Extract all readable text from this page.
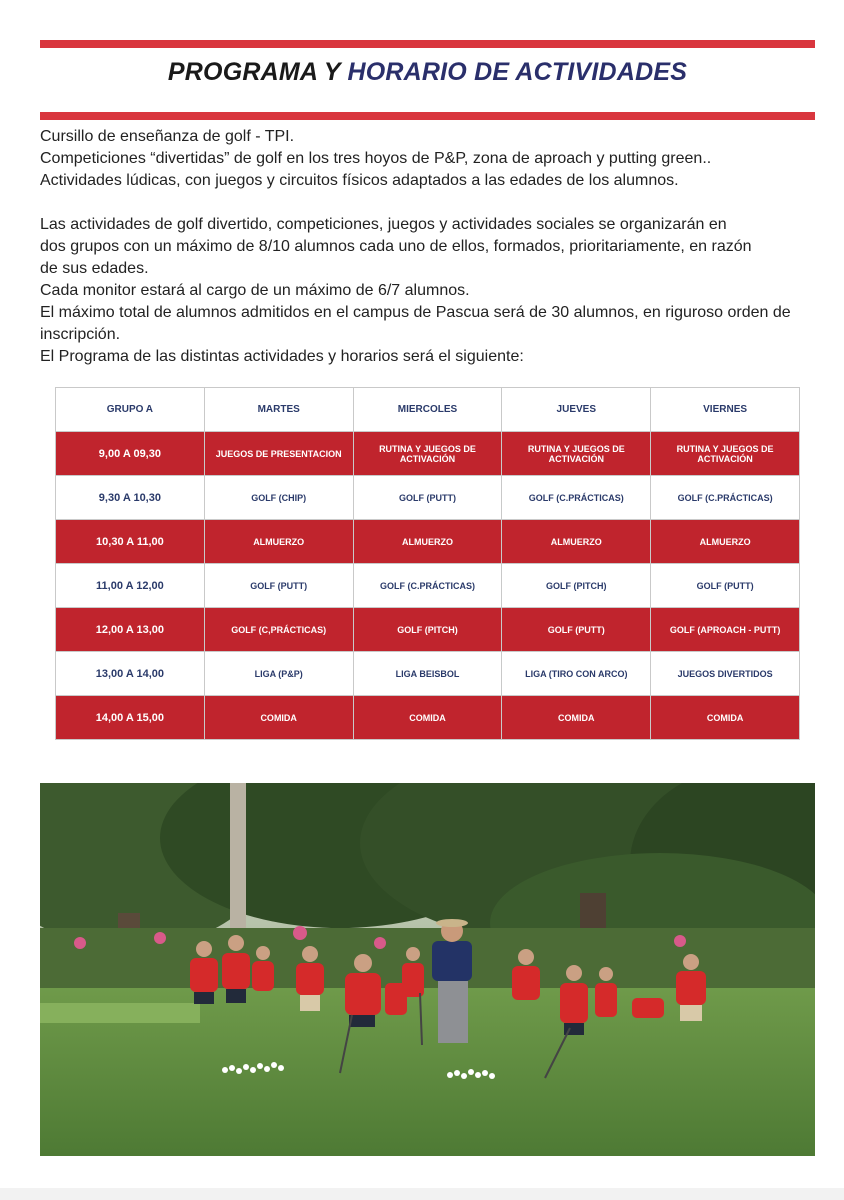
PROGRAMA Y HORARIO DE ACTIVIDADES

Cursillo de enseñanza de golf - TPI.

Competiciones “divertidas” de golf en los tres hoyos de P&P, zona de aproach y putting green..

Actividades lúdicas, con juegos y circuitos físicos adaptados a las edades de los alumnos.

Las actividades de golf divertido, competiciones, juegos y actividades sociales se organizarán en

dos grupos con un máximo de 8/10 alumnos cada uno de ellos, formados, prioritariamente, en razón

de sus edades.

Cada monitor estará al cargo de un máximo de 6/7 alumnos.

El máximo total de alumnos admitidos en el campus de Pascua será de 30 alumnos, en riguroso orden de

inscripción.

El Programa de las distintas actividades y horarios será el siguiente:

GRUPO A	MARTES	MIERCOLES	JUEVES	VIERNES
9,00 A 09,30	JUEGOS DE PRESENTACION	RUTINA Y JUEGOS DE ACTIVACIÓN	RUTINA Y JUEGOS DE ACTIVACIÓN	RUTINA Y JUEGOS DE ACTIVACIÓN
9,30 A 10,30	GOLF (CHIP)	GOLF (PUTT)	GOLF (C.PRÁCTICAS)	GOLF (C.PRÁCTICAS)
10,30 A 11,00	ALMUERZO	ALMUERZO	ALMUERZO	ALMUERZO
11,00 A 12,00	GOLF (PUTT)	GOLF (C.PRÁCTICAS)	GOLF (PITCH)	GOLF (PUTT)
12,00 A 13,00	GOLF (C,PRÁCTICAS)	GOLF (PITCH)	GOLF (PUTT)	GOLF (APROACH - PUTT)
13,00 A 14,00	LIGA (P&P)	LIGA BEISBOL	LIGA (TIRO CON ARCO)	JUEGOS DIVERTIDOS
14,00 A 15,00	COMIDA	COMIDA	COMIDA	COMIDA
